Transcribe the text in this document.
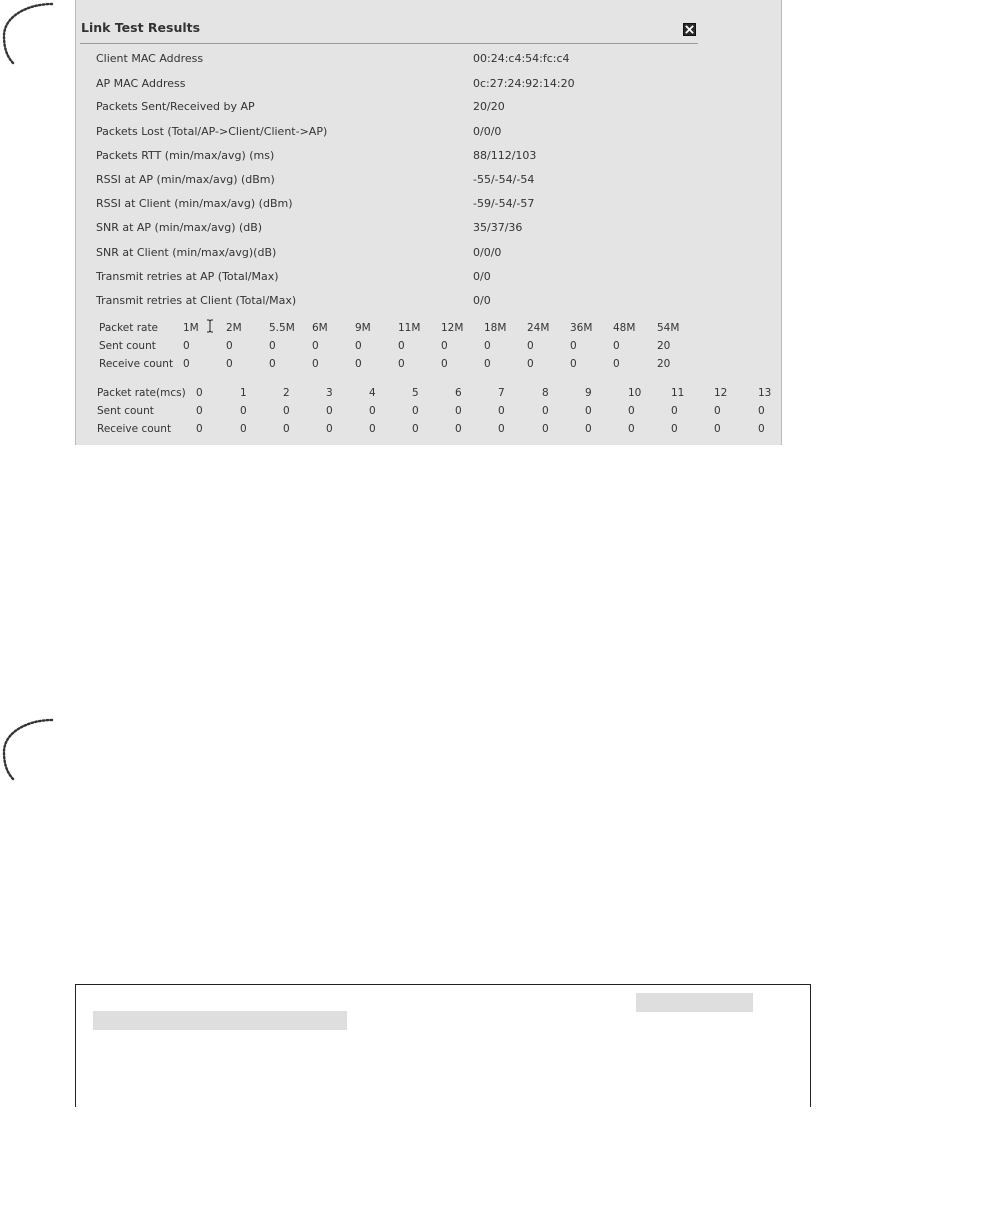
Link Test Results
Client MAC Address	00:24:c4:54:fc:c4
AP MAC Address	0c:27:24:92:14:20
Packets Sent/Received by AP	20/20
Packets Lost (Total/AP->Client/Client->AP)	0/0/0
Packets RTT (min/max/avg) (ms)	88/112/103
RSSI at AP (min/max/avg) (dBm)	-55/-54/-54
RSSI at Client (min/max/avg) (dBm)	-59/-54/-57
SNR at AP (min/max/avg) (dB)	35/37/36
SNR at Client (min/max/avg)(dB)	0/0/0
Transmit retries at AP (Total/Max)	0/0
Transmit retries at Client (Total/Max)	0/0
Packet rate 1M	2M	5.5M 6M	9M	11M 12M 18M 24M 36M 48M 54M
Sent count	0	0	0	0	0	0	0	0	0	0	0	20
Receive count 0	0	0	0	0	0	0	0	0	0	0	20
Packet rate(mcs) 0	1	2	3	4	5	6	7	8	9	10	11	12	13
Sent count	0	0	0	0	0	0	0	0	0	0	0	0	0	0
Receive count 0	0	0	0	0	0	0	0	0	0	0	0	0	0
